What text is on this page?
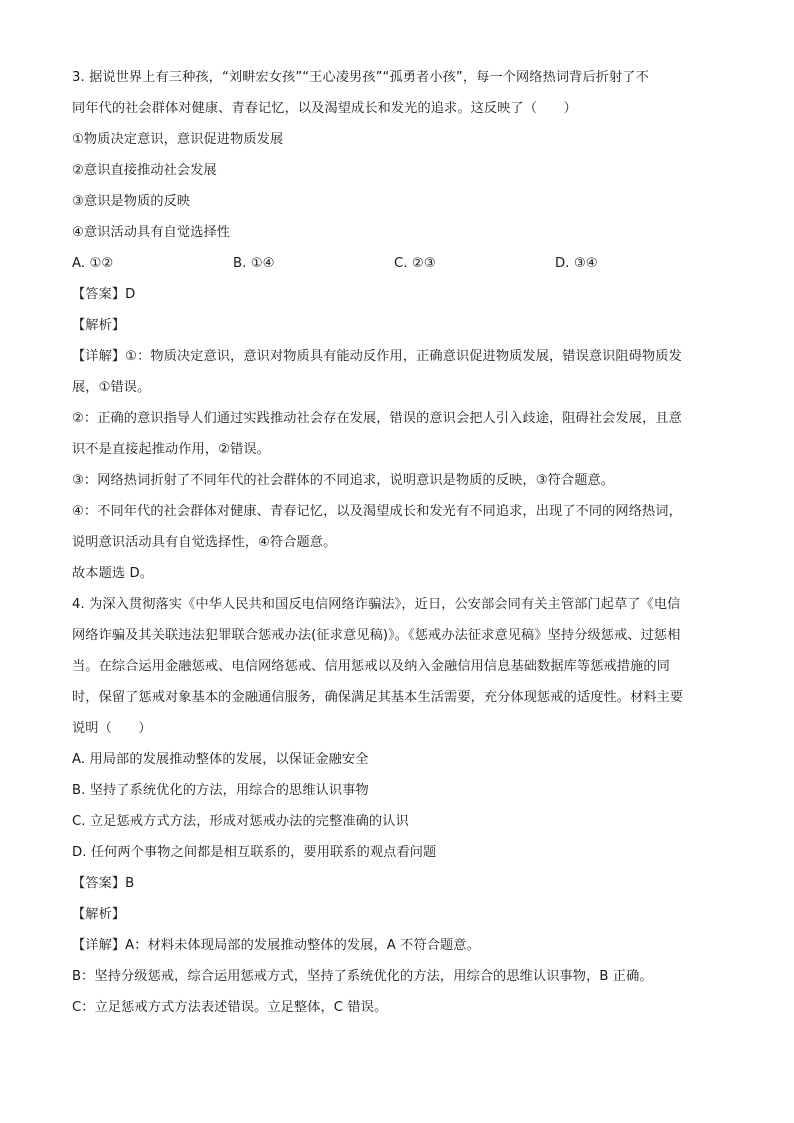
3. 据说世界上有三种孩，“刘畊宏女孩”“王心凌男孩”“孤勇者小孩”，每一个网络热词背后折射了不
同年代的社会群体对健康、青春记忆，以及渴望成长和发光的追求。这反映了（　　）
①物质决定意识，意识促进物质发展
②意识直接推动社会发展
③意识是物质的反映
④意识活动具有自觉选择性
A. ①②	B. ①④	C. ②③	D. ③④
【答案】D
【解析】
【详解】①：物质决定意识，意识对物质具有能动反作用，正确意识促进物质发展，错误意识阻碍物质发
展，①错误。
②：正确的意识指导人们通过实践推动社会存在发展，错误的意识会把人引入歧途，阻碍社会发展，且意
识不是直接起推动作用，②错误。
③：网络热词折射了不同年代的社会群体的不同追求，说明意识是物质的反映，③符合题意。
④：不同年代的社会群体对健康、青春记忆，以及渴望成长和发光有不同追求，出现了不同的网络热词，
说明意识活动具有自觉选择性，④符合题意。
故本题选 D。
4. 为深入贯彻落实《中华人民共和国反电信网络诈骗法》，近日，公安部会同有关主管部门起草了《电信
网络诈骗及其关联违法犯罪联合惩戒办法(征求意见稿)》。《惩戒办法征求意见稿》坚持分级惩戒、过惩相
当。在综合运用金融惩戒、电信网络惩戒、信用惩戒以及纳入金融信用信息基础数据库等惩戒措施的同
时，保留了惩戒对象基本的金融通信服务，确保满足其基本生活需要，充分体现惩戒的适度性。材料主要
说明（　　）
A. 用局部的发展推动整体的发展，以保证金融安全
B. 坚持了系统优化的方法，用综合的思维认识事物
C. 立足惩戒方式方法，形成对惩戒办法的完整准确的认识
D. 任何两个事物之间都是相互联系的，要用联系的观点看问题
【答案】B
【解析】
【详解】A：材料未体现局部的发展推动整体的发展，A 不符合题意。
B：坚持分级惩戒，综合运用惩戒方式，坚持了系统优化的方法，用综合的思维认识事物，B 正确。
C：立足惩戒方式方法表述错误。立足整体，C 错误。
